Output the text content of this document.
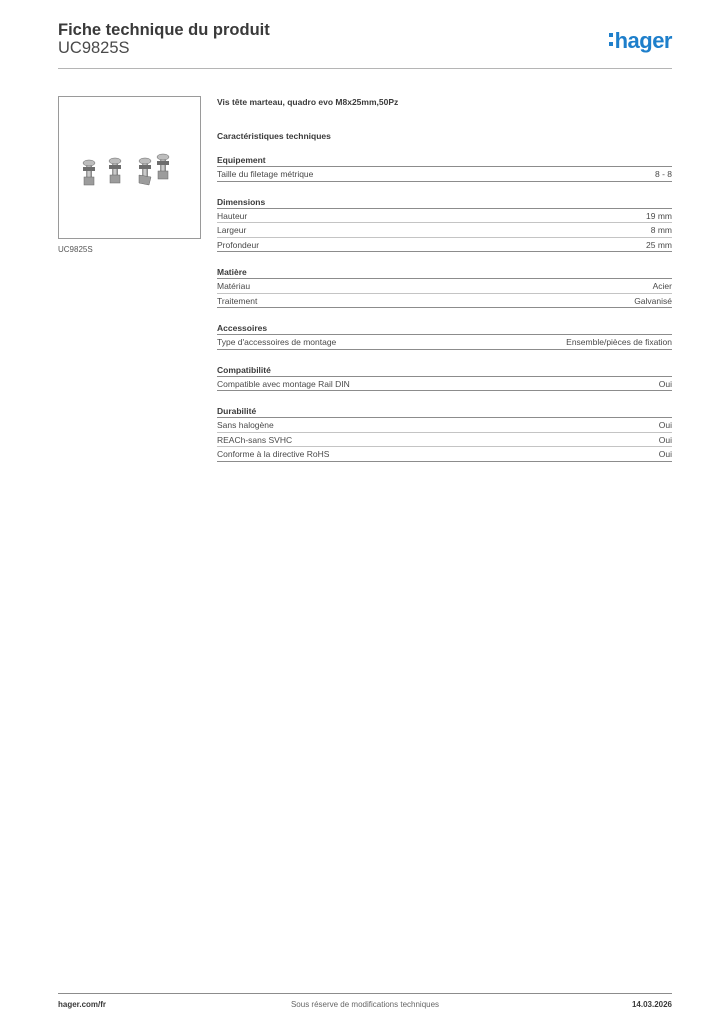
Fiche technique du produit
UC9825S	hager
UC9825S
Vis tête marteau, quadro evo M8x25mm,50Pz
Caractéristiques techniques
Equipement
Taille du filetage métrique	8 - 8
Dimensions
Hauteur	19 mm
Largeur	8 mm
Profondeur	25 mm
Matière
Matériau	Acier
Traitement	Galvanisé
Accessoires
Type d'accessoires de montage	Ensemble/pièces de fixation
Compatibilité
Compatible avec montage Rail DIN	Oui
Durabilité
Sans halogène	Oui
REACh-sans SVHC	Oui
Conforme à la directive RoHS	Oui
hager.com/fr	Sous réserve de modifications techniques	14.03.2026
